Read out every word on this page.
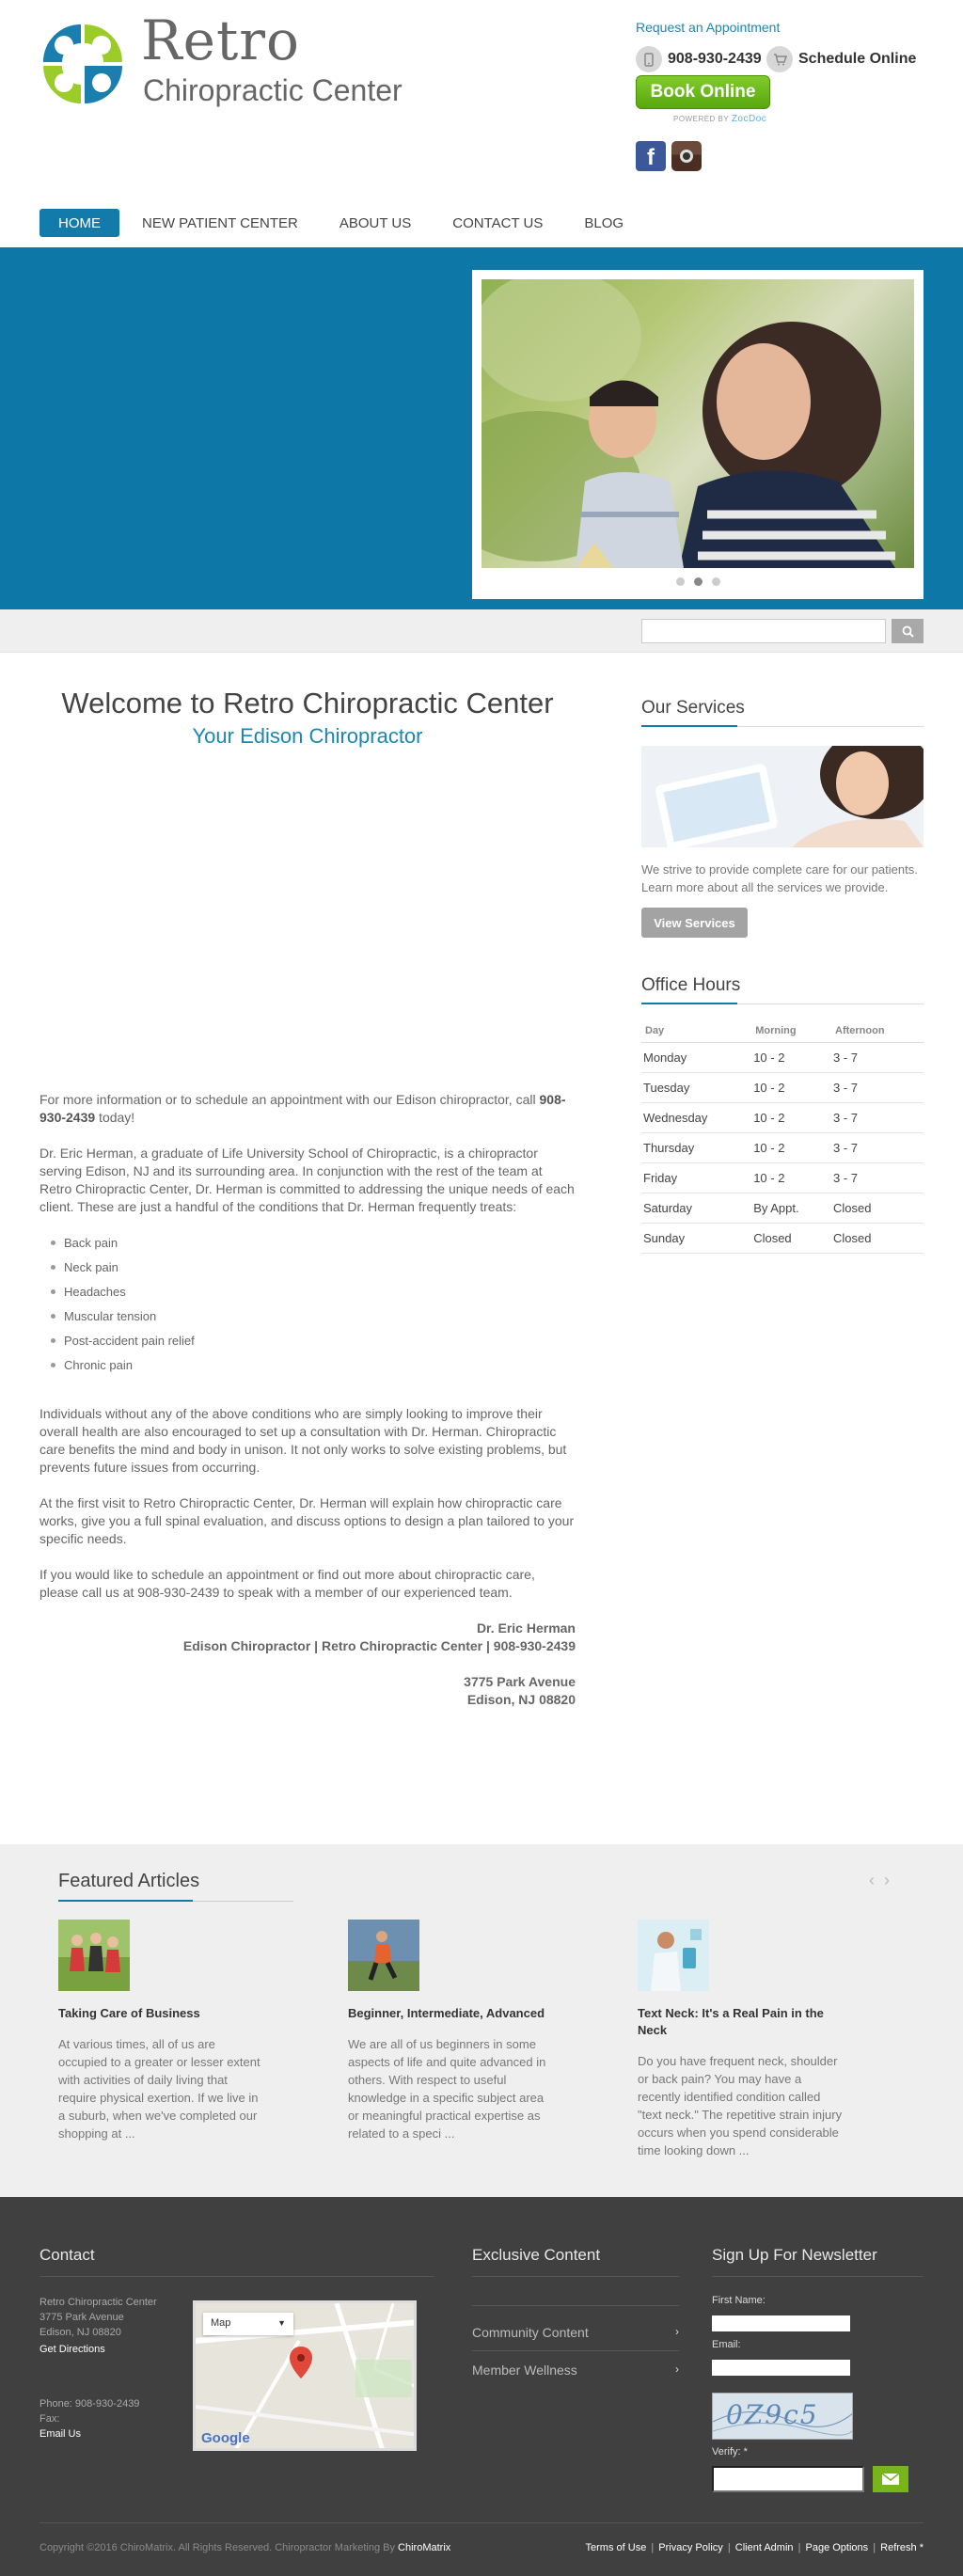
Retro
Chiropractic Center
Request an Appointment
908-930-2439 Schedule Online
Book Online
POWERED BY ZocDoc
f
HOME	NEW PATIENT CENTER	ABOUT US	CONTACT US	BLOG
Welcome to Retro Chiropractic Center
Your Edison Chiropractor

For more information or to schedule an appointment with our Edison chiropractor, call 908-930-2439 today!

Dr. Eric Herman, a graduate of Life University School of Chiropractic, is a chiropractor serving Edison, NJ and its surrounding area. In conjunction with the rest of the team at Retro Chiropractic Center, Dr. Herman is committed to addressing the unique needs of each client. These are just a handful of the conditions that Dr. Herman frequently treats:

Back pain
Neck pain
Headaches
Muscular tension
Post-accident pain relief
Chronic pain

Individuals without any of the above conditions who are simply looking to improve their overall health are also encouraged to set up a consultation with Dr. Herman. Chiropractic care benefits the mind and body in unison. It not only works to solve existing problems, but prevents future issues from occurring.

At the first visit to Retro Chiropractic Center, Dr. Herman will explain how chiropractic care works, give you a full spinal evaluation, and discuss options to design a plan tailored to your specific needs.

If you would like to schedule an appointment or find out more about chiropractic care, please call us at 908-930-2439 to speak with a member of our experienced team.

Dr. Eric Herman
Edison Chiropractor | Retro Chiropractic Center | 908-930-2439
3775 Park Avenue
Edison, NJ 08820
Our Services
We strive to provide complete care for our patients. Learn more about all the services we provide.
View Services
Office Hours
Day	Morning	Afternoon
Monday	10 - 2	3 - 7
Tuesday	10 - 2	3 - 7
Wednesday	10 - 2	3 - 7
Thursday	10 - 2	3 - 7
Friday	10 - 2	3 - 7
Saturday	By Appt.	Closed
Sunday	Closed	Closed
Featured Articles	‹›
Taking Care of Business
At various times, all of us are occupied to a greater or lesser extent with activities of daily living that require physical exertion. If we live in a suburb, when we've completed our shopping at ...
Beginner, Intermediate, Advanced
We are all of us beginners in some aspects of life and quite advanced in others. With respect to useful knowledge in a specific subject area or meaningful practical expertise as related to a speci ...
Text Neck: It's a Real Pain in the Neck
Do you have frequent neck, shoulder or back pain? You may have a recently identified condition called "text neck." The repetitive strain injury occurs when you spend considerable time looking down ...
Contact
Retro Chiropractic Center
3775 Park Avenue
Edison, NJ 08820
Get Directions
Phone: 908-930-2439
Fax:
Email Us
Map	▼
Google
Exclusive Content
Community Content	›
Member Wellness	›
Sign Up For Newsletter
First Name:
Email:
0Z9c5
Verify: *
Copyright ©2016 ChiroMatrix. All Rights Reserved. Chiropractor Marketing By ChiroMatrix	Terms of Use | Privacy Policy | Client Admin | Page Options | Refresh *
